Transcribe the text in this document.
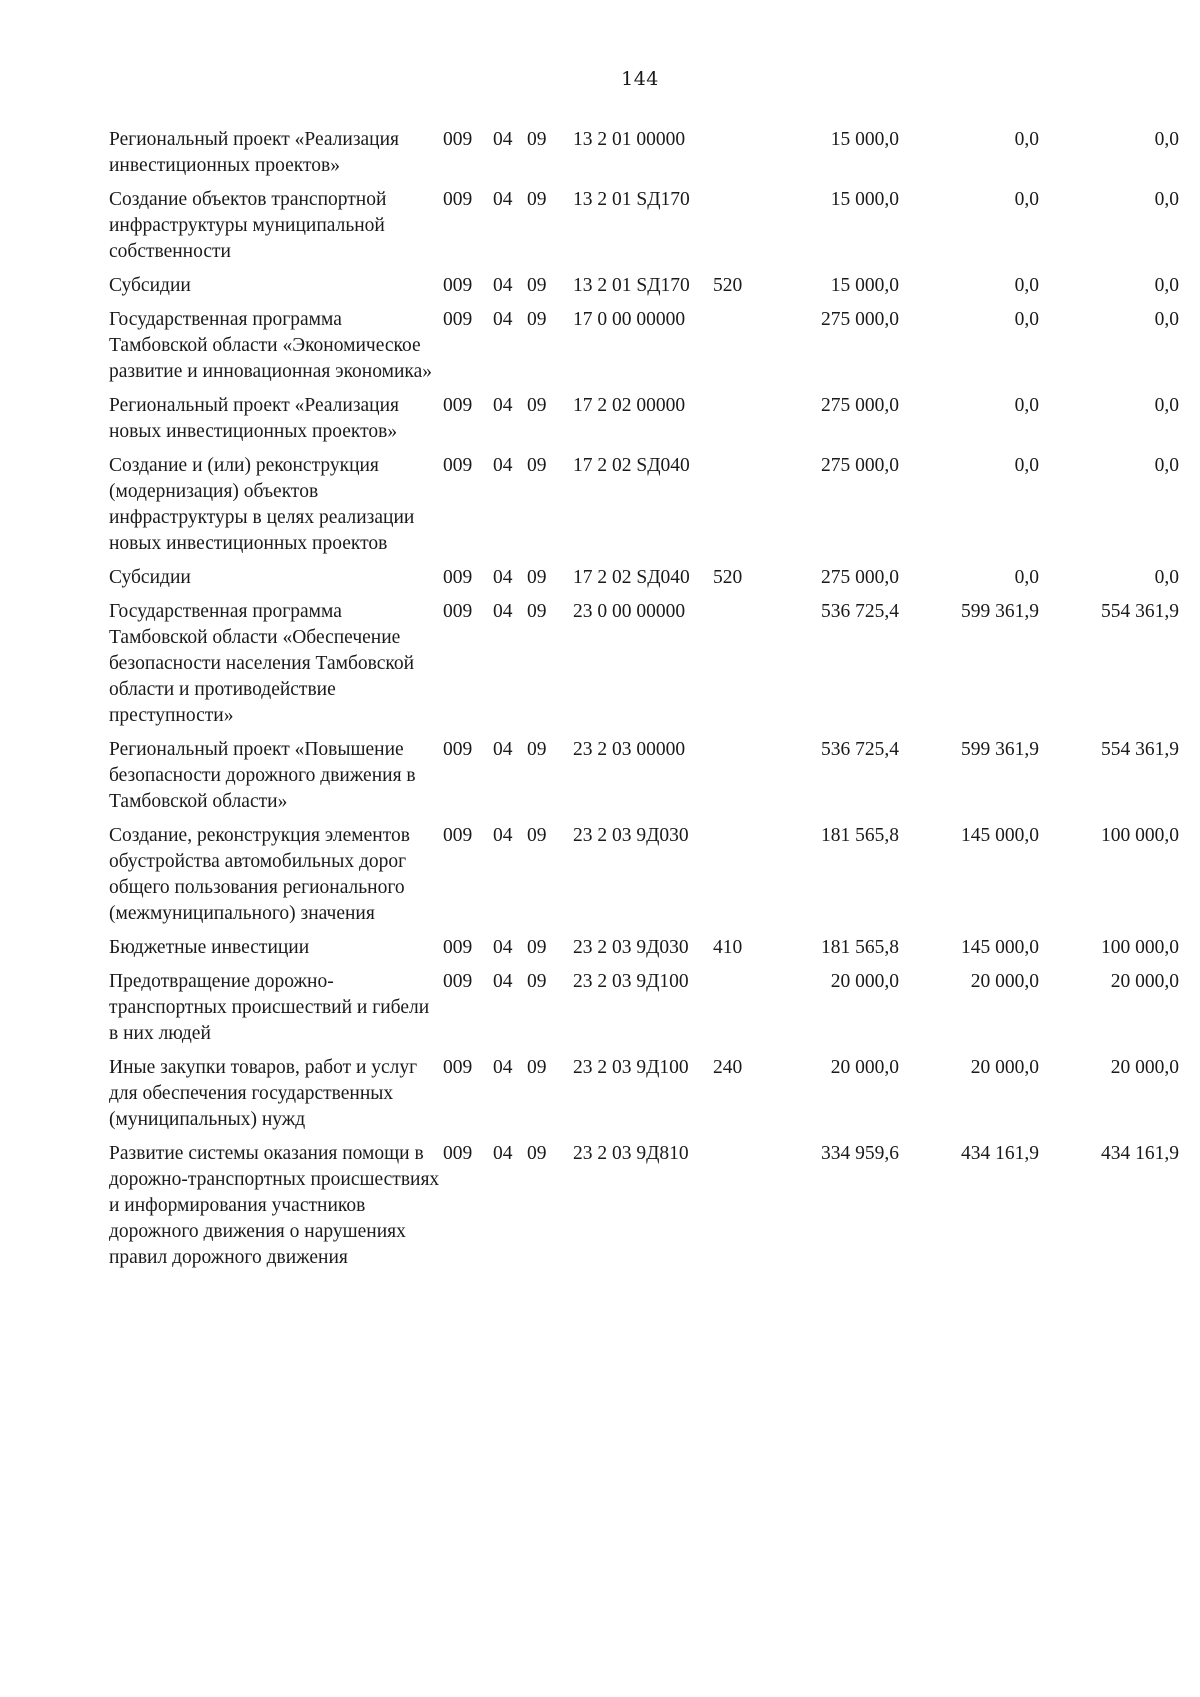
144
Региональный проект «Реализация инвестиционных проектов»	009	04	09	13 2 01 00000		15 000,0	0,0	0,0
Создание объектов транспортной инфраструктуры муниципальной собственности	009	04	09	13 2 01 SД170		15 000,0	0,0	0,0
Субсидии	009	04	09	13 2 01 SД170	520	15 000,0	0,0	0,0
Государственная программа Тамбовской области «Экономическое развитие и инновационная экономика»	009	04	09	17 0 00 00000		275 000,0	0,0	0,0
Региональный проект «Реализация новых инвестиционных проектов»	009	04	09	17 2 02 00000		275 000,0	0,0	0,0
Создание и (или) реконструкция (модернизация) объектов инфраструктуры в целях реализации новых инвестиционных проектов	009	04	09	17 2 02 SД040		275 000,0	0,0	0,0
Субсидии	009	04	09	17 2 02 SД040	520	275 000,0	0,0	0,0
Государственная программа Тамбовской области «Обеспечение безопасности населения Тамбовской области и противодействие преступности»	009	04	09	23 0 00 00000		536 725,4	599 361,9	554 361,9
Региональный проект «Повышение безопасности дорожного движения в Тамбовской области»	009	04	09	23 2 03 00000		536 725,4	599 361,9	554 361,9
Создание, реконструкция элементов обустройства автомобильных дорог общего пользования регионального (межмуниципального) значения	009	04	09	23 2 03 9Д030		181 565,8	145 000,0	100 000,0
Бюджетные инвестиции	009	04	09	23 2 03 9Д030	410	181 565,8	145 000,0	100 000,0
Предотвращение дорожно-транспортных происшествий и гибели в них людей	009	04	09	23 2 03 9Д100		20 000,0	20 000,0	20 000,0
Иные закупки товаров, работ и услуг для обеспечения государственных (муниципальных) нужд	009	04	09	23 2 03 9Д100	240	20 000,0	20 000,0	20 000,0
Развитие системы оказания помощи в дорожно-транспортных происшествиях и информирования участников дорожного движения о нарушениях правил дорожного движения	009	04	09	23 2 03 9Д810		334 959,6	434 161,9	434 161,9
